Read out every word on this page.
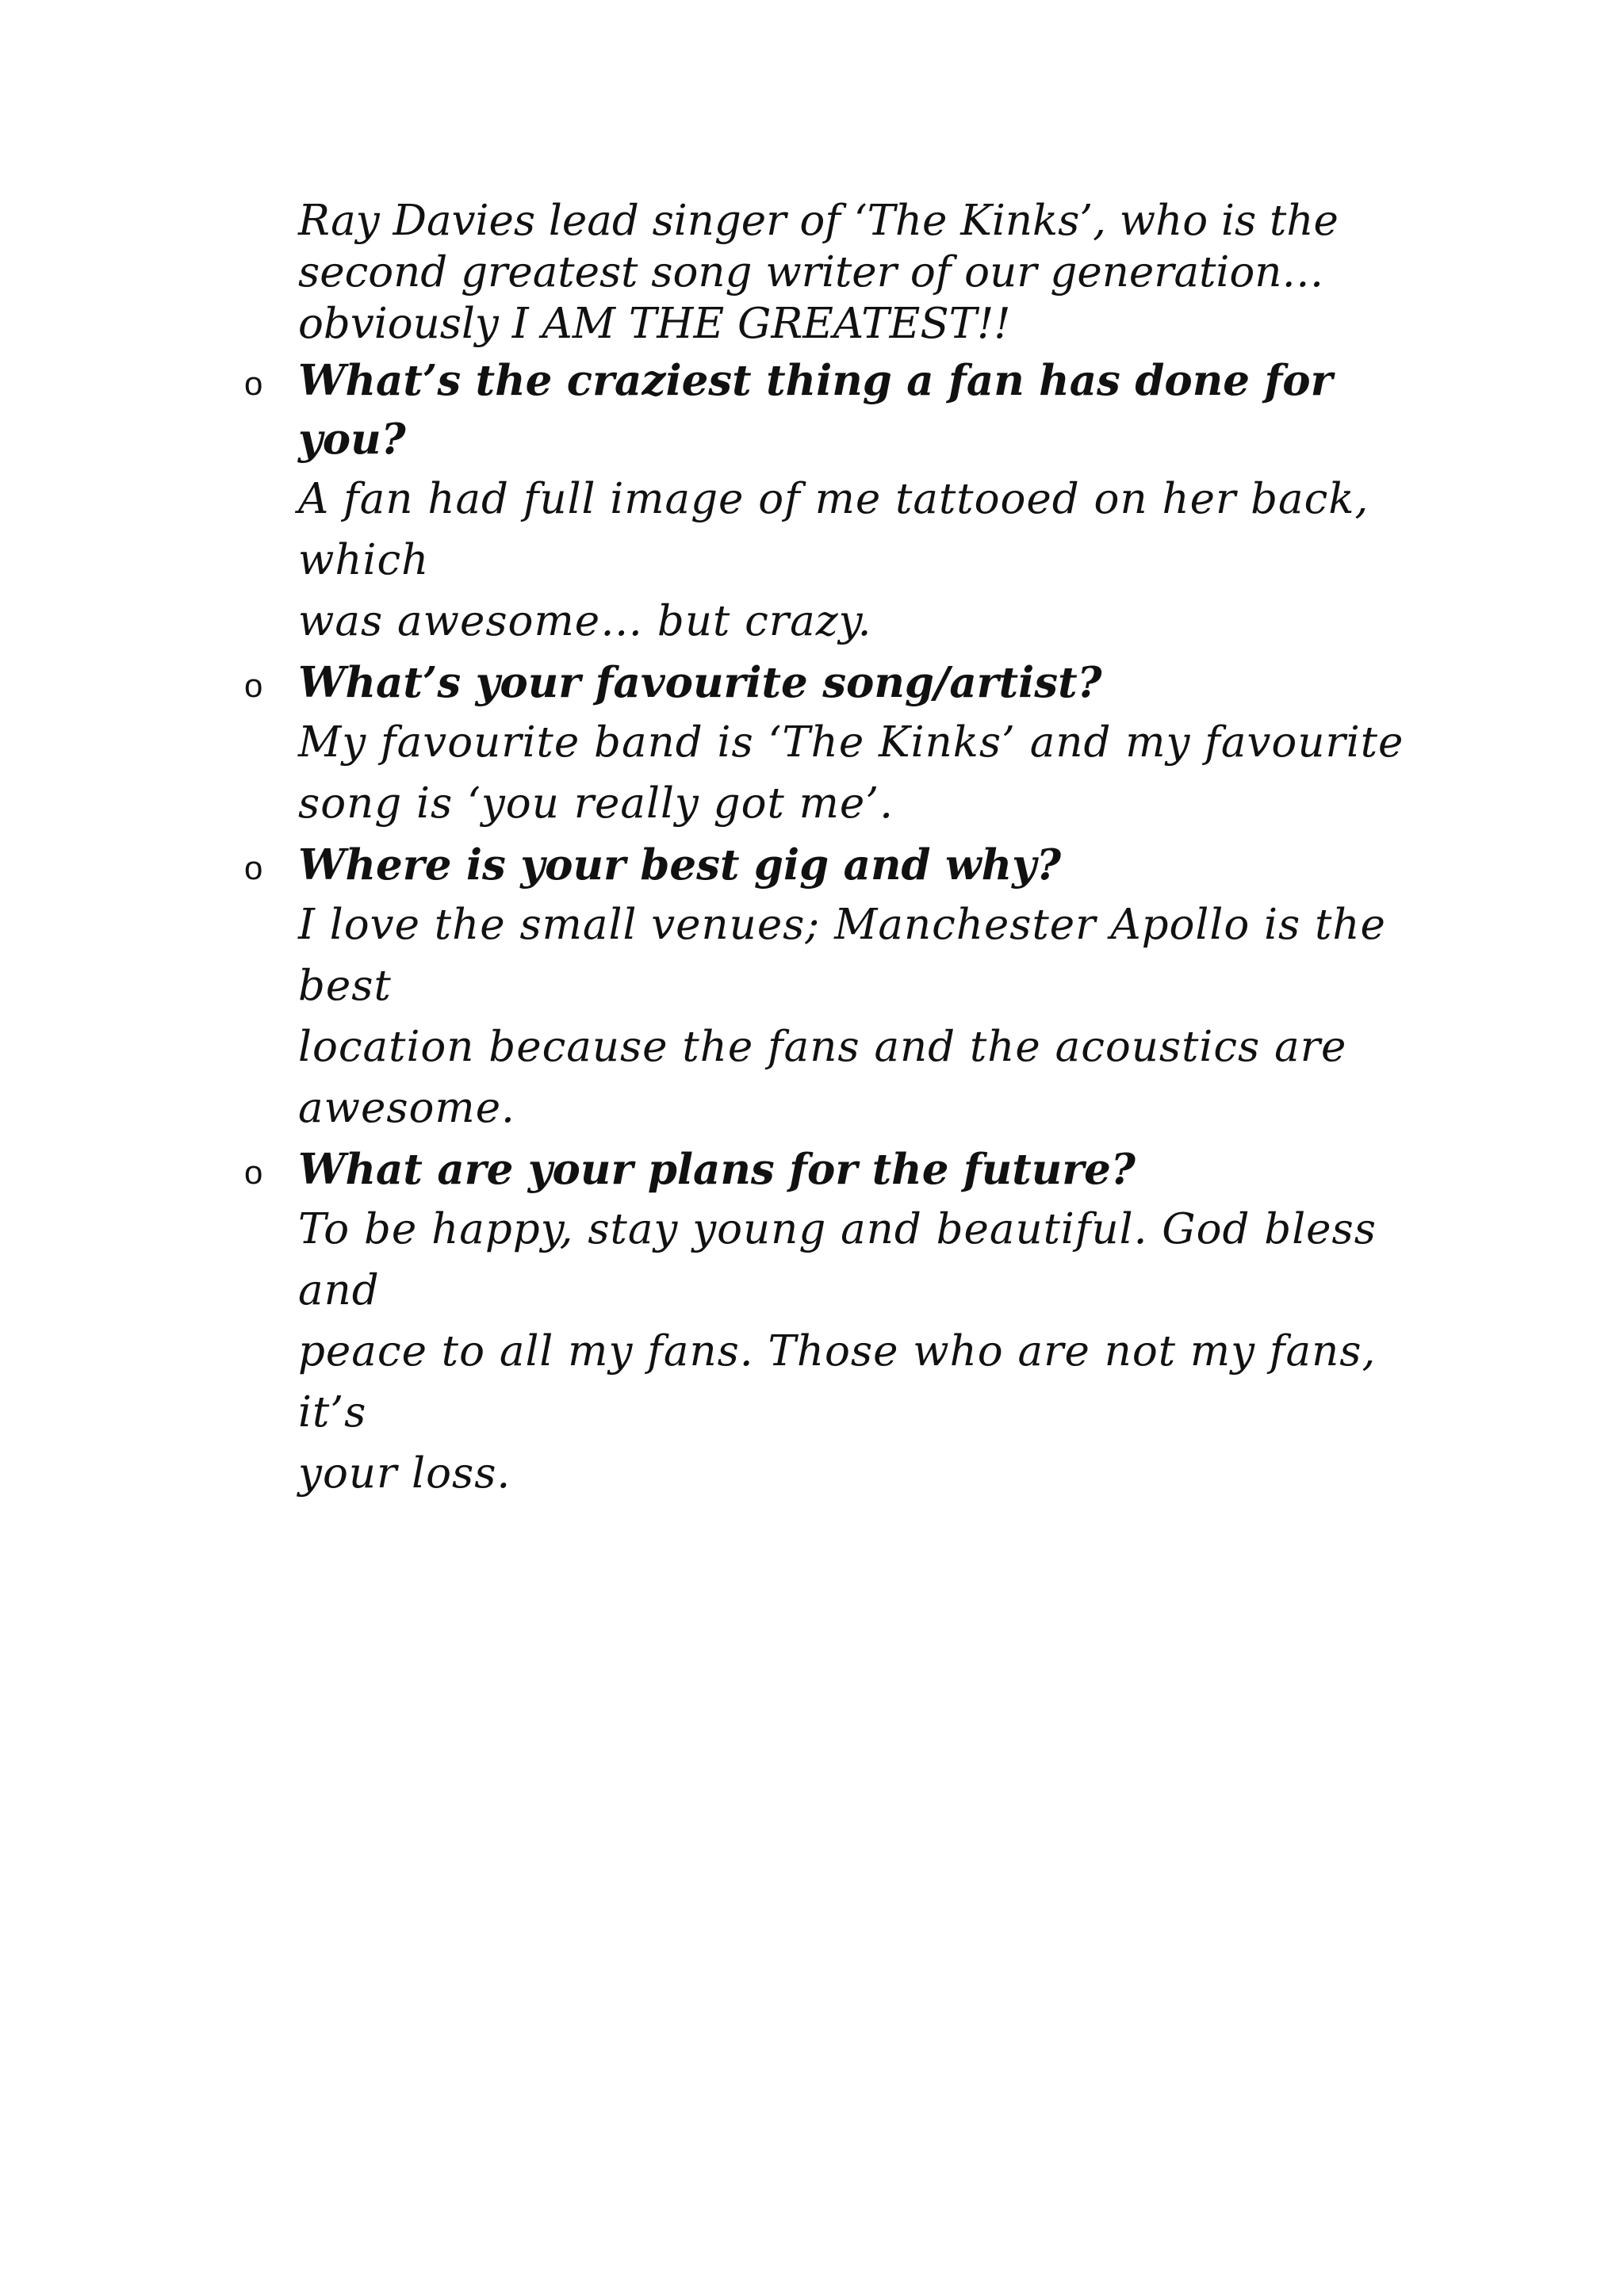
Ray Davies lead singer of ‘The Kinks’, who is the
second greatest song writer of our generation…
obviously I AM THE GREATEST!!
o What’s the craziest thing a fan has done for you?
A fan had full image of me tattooed on her back, which
was awesome… but crazy.
o What’s your favourite song/artist?
My favourite band is ‘The Kinks’ and my favourite
song is ‘you really got me’.
o Where is your best gig and why?
I love the small venues; Manchester Apollo is the best
location because the fans and the acoustics are
awesome.
o What are your plans for the future?
To be happy, stay young and beautiful. God bless and
peace to all my fans. Those who are not my fans, it’s
your loss.
